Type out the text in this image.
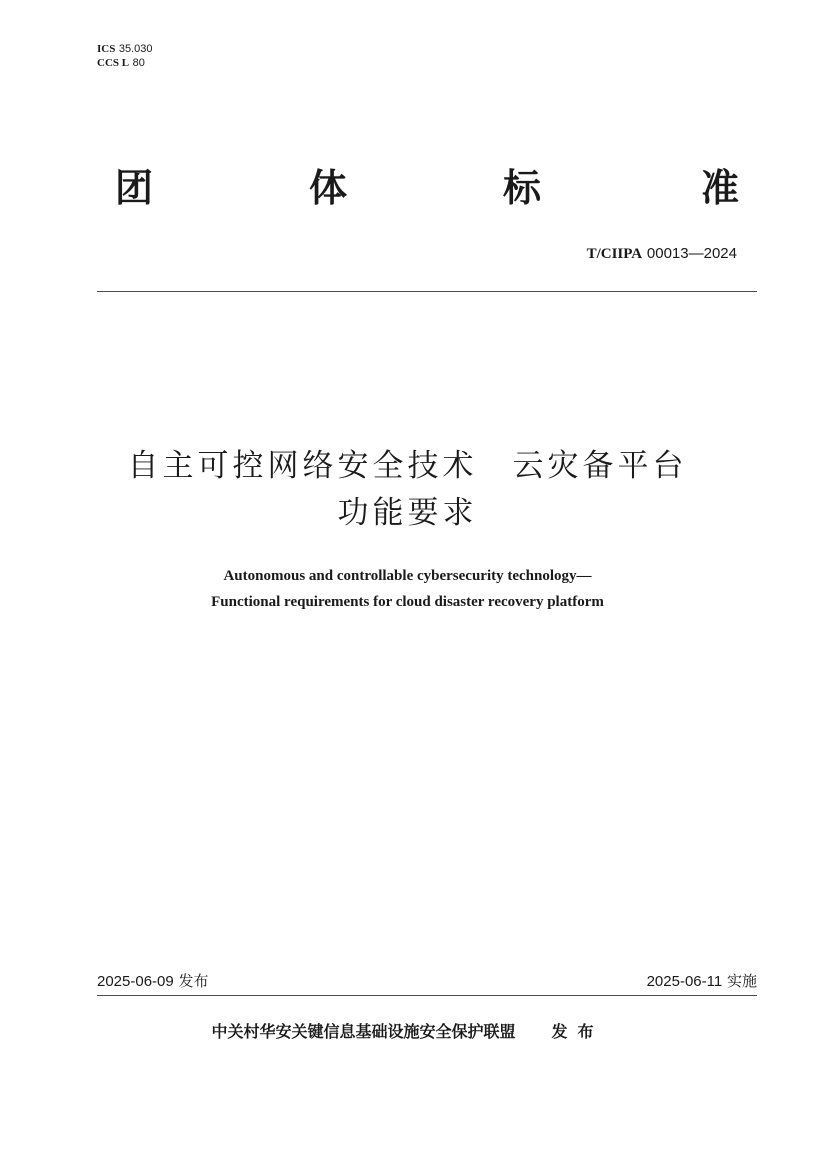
ICS 35.030
CCS L 80
团	体	标	准
T/CIIPA 00013—2024
自主可控网络安全技术　云灾备平台
功能要求
Autonomous and controllable cybersecurity technology—
Functional requirements for cloud disaster recovery platform
2025-06-09 发布	2025-06-11 实施
中关村华安关键信息基础设施安全保护联盟 发布
